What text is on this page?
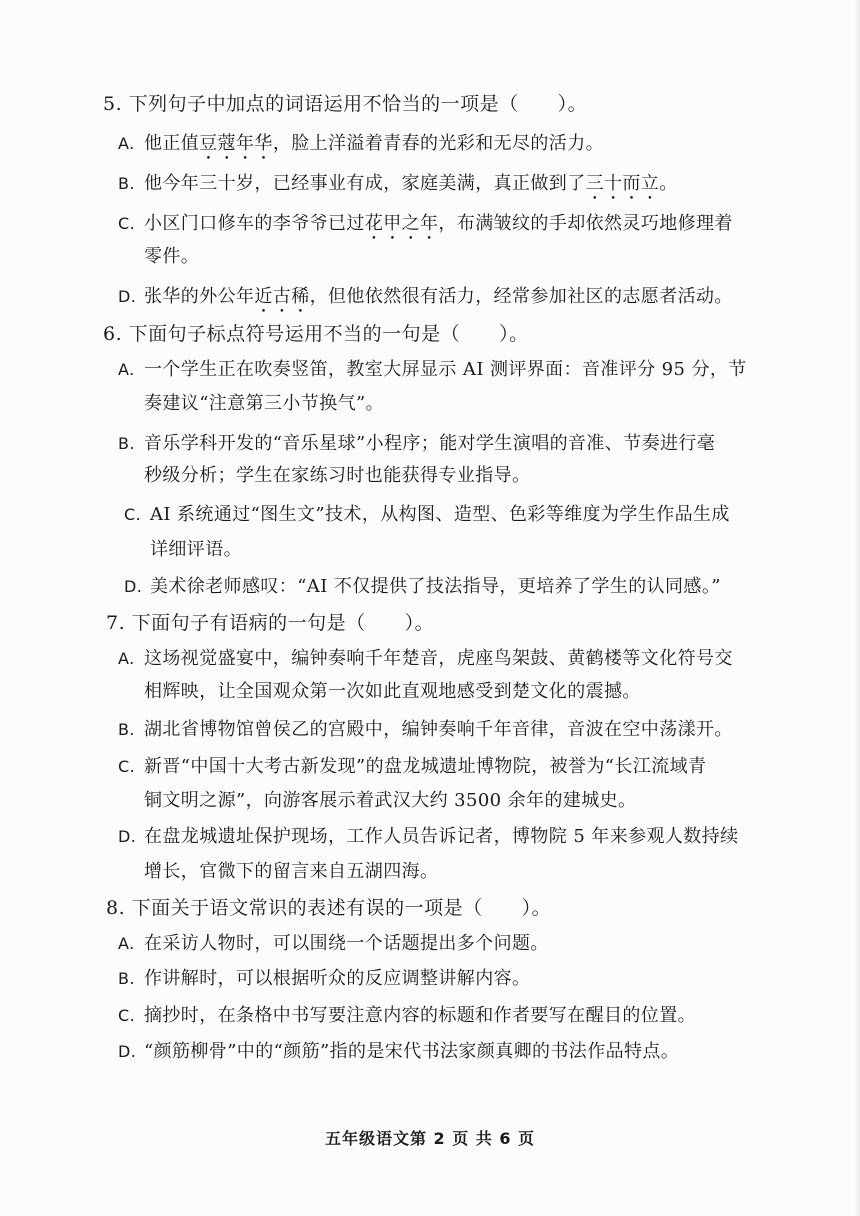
5. 下列句子中加点的词语运用不恰当的一项是（　　）。
A. 他正值豆蔻年华，脸上洋溢着青春的光彩和无尽的活力。
B. 他今年三十岁，已经事业有成，家庭美满，真正做到了三十而立。
C. 小区门口修车的李爷爷已过花甲之年，布满皱纹的手却依然灵巧地修理着
零件。
D. 张华的外公年近古稀，但他依然很有活力，经常参加社区的志愿者活动。
6. 下面句子标点符号运用不当的一句是（　　）。
A. 一个学生正在吹奏竖笛，教室大屏显示 AI 测评界面：音准评分 95 分，节
奏建议“注意第三小节换气”。
B. 音乐学科开发的“音乐星球”小程序；能对学生演唱的音准、节奏进行毫
秒级分析；学生在家练习时也能获得专业指导。
C. AI 系统通过“图生文”技术，从构图、造型、色彩等维度为学生作品生成
详细评语。
D. 美术徐老师感叹：“AI 不仅提供了技法指导，更培养了学生的认同感。”
7. 下面句子有语病的一句是（　　）。
A. 这场视觉盛宴中，编钟奏响千年楚音，虎座鸟架鼓、黄鹤楼等文化符号交
相辉映，让全国观众第一次如此直观地感受到楚文化的震撼。
B. 湖北省博物馆曾侯乙的宫殿中，编钟奏响千年音律，音波在空中荡漾开。
C. 新晋“中国十大考古新发现”的盘龙城遗址博物院，被誉为“长江流域青
铜文明之源”，向游客展示着武汉大约 3500 余年的建城史。
D. 在盘龙城遗址保护现场，工作人员告诉记者，博物院 5 年来参观人数持续
增长，官微下的留言来自五湖四海。
8. 下面关于语文常识的表述有误的一项是（　　）。
A. 在采访人物时，可以围绕一个话题提出多个问题。
B. 作讲解时，可以根据听众的反应调整讲解内容。
C. 摘抄时，在条格中书写要注意内容的标题和作者要写在醒目的位置。
D. “颜筋柳骨”中的“颜筋”指的是宋代书法家颜真卿的书法作品特点。
五年级语文第 2 页 共 6 页
